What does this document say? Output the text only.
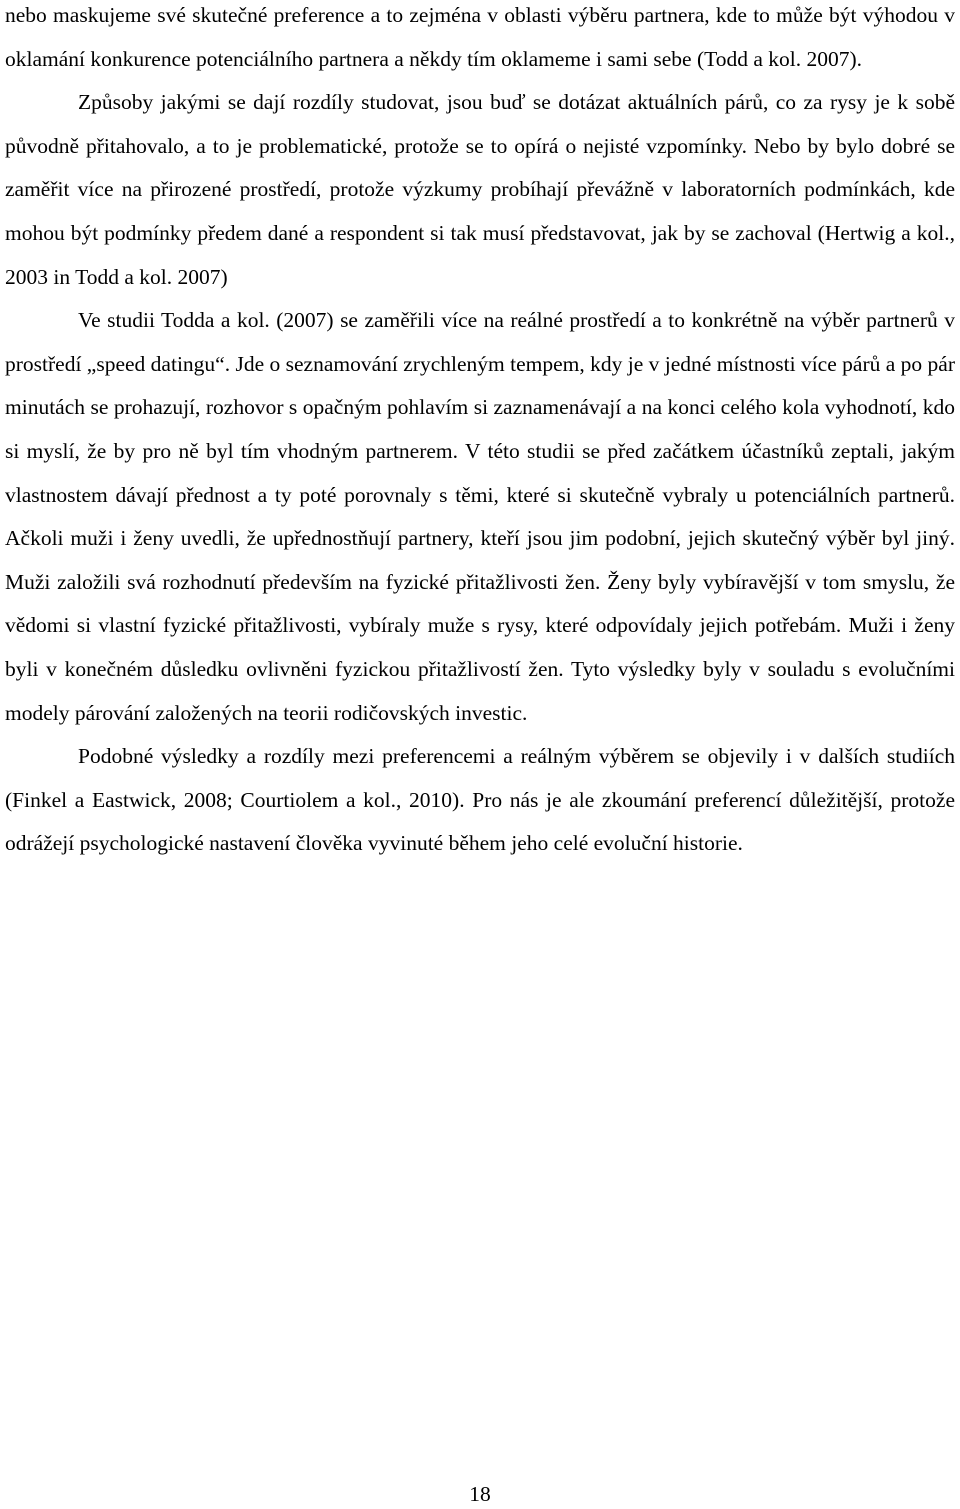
nebo maskujeme své skutečné preference a to zejména v oblasti výběru partnera, kde to může být výhodou v oklamání konkurence potenciálního partnera a někdy tím oklameme i sami sebe (Todd a kol. 2007).

Způsoby jakými se dají rozdíly studovat, jsou buď se dotázat aktuálních párů, co za rysy je k sobě původně přitahovalo, a to je problematické, protože se to opírá o nejisté vzpomínky. Nebo by bylo dobré se zaměřit více na přirozené prostředí, protože výzkumy probíhají převážně v laboratorních podmínkách, kde mohou být podmínky předem dané a respondent si tak musí představovat, jak by se zachoval (Hertwig a kol., 2003 in Todd a kol. 2007)

Ve studii Todda a kol. (2007) se zaměřili více na reálné prostředí a to konkrétně na výběr partnerů v prostředí „speed datingu“. Jde o seznamování zrychleným tempem, kdy je v jedné místnosti více párů a po pár minutách se prohazují, rozhovor s opačným pohlavím si zaznamenávají a na konci celého kola vyhodnotí, kdo si myslí, že by pro ně byl tím vhodným partnerem. V této studii se před začátkem účastníků zeptali, jakým vlastnostem dávají přednost a ty poté porovnaly s těmi, které si skutečně vybraly u potenciálních partnerů. Ačkoli muži i ženy uvedli, že upřednostňují partnery, kteří jsou jim podobní, jejich skutečný výběr byl jiný. Muži založili svá rozhodnutí především na fyzické přitažlivosti žen. Ženy byly vybíravější v tom smyslu, že vědomi si vlastní fyzické přitažlivosti, vybíraly muže s rysy, které odpovídaly jejich potřebám. Muži i ženy byli v konečném důsledku ovlivněni fyzickou přitažlivostí žen. Tyto výsledky byly v souladu s evolučními modely párování založených na teorii rodičovských investic.

Podobné výsledky a rozdíly mezi preferencemi a reálným výběrem se objevily i v dalších studiích (Finkel a Eastwick, 2008; Courtiolem a kol., 2010). Pro nás je ale zkoumání preferencí důležitější, protože odrážejí psychologické nastavení člověka vyvinuté během jeho celé evoluční historie.

18
